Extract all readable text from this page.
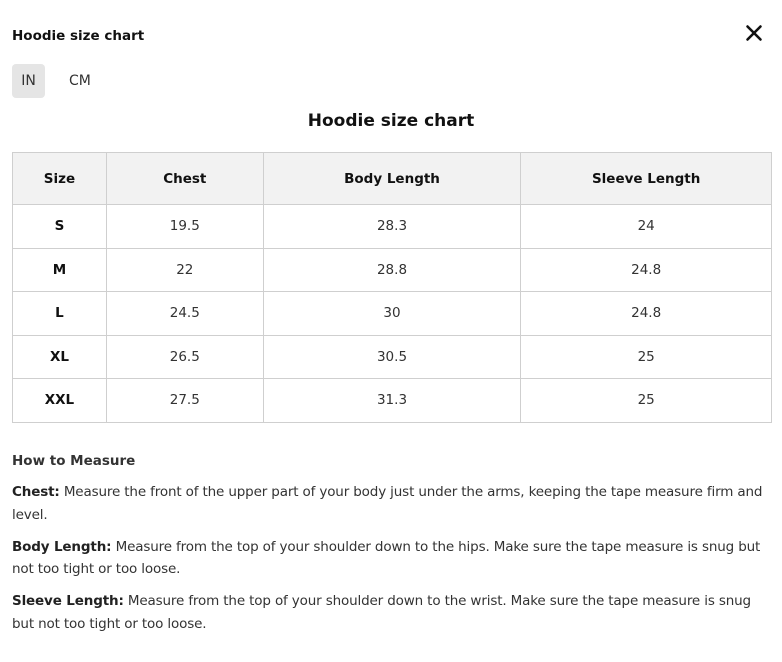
Hoodie size chart
IN	CM
Hoodie size chart
Size	Chest	Body Length	Sleeve Length
S	19.5	28.3	24
M	22	28.8	24.8
L	24.5	30	24.8
XL	26.5	30.5	25
XXL	27.5	31.3	25
How to Measure

Chest: Measure the front of the upper part of your body just under the arms, keeping the tape measure firm and level.

Body Length: Measure from the top of your shoulder down to the hips. Make sure the tape measure is snug but not too tight or too loose.

Sleeve Length: Measure from the top of your shoulder down to the wrist. Make sure the tape measure is snug but not too tight or too loose.
